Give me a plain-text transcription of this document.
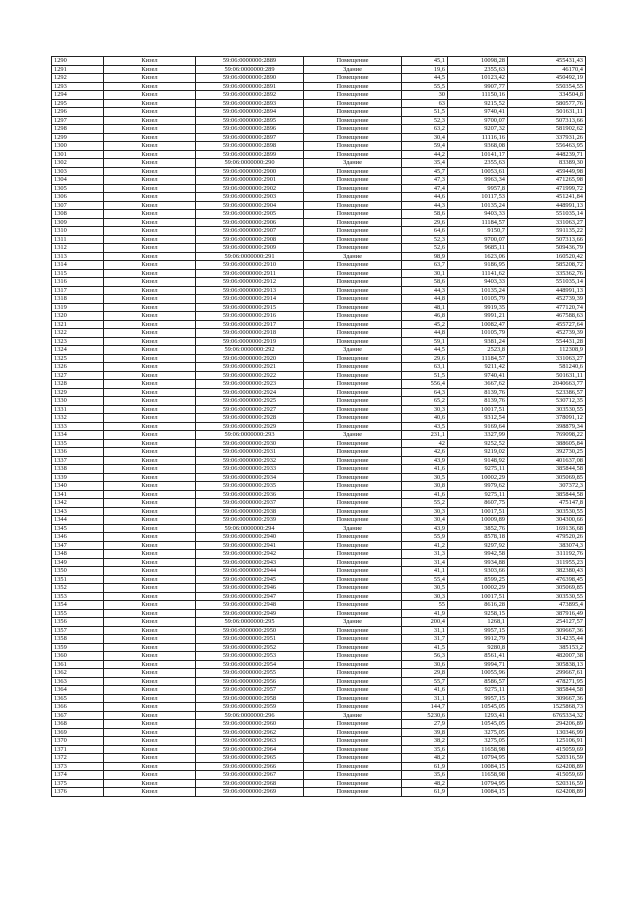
1290	Кизел	59:06:0000000:2889	Помещение	45,1	10098,28	455431,43
1291	Кизел	59:06:0000000:289	Здание	19,6	2355,63	46170,4
1292	Кизел	59:06:0000000:2890	Помещение	44,5	10123,42	450492,19
1293	Кизел	59:06:0000000:2891	Помещение	55,5	9907,77	550354,55
1294	Кизел	59:06:0000000:2892	Помещение	30	11150,16	334504,8
1295	Кизел	59:06:0000000:2893	Помещение	63	9215,52	580577,76
1296	Кизел	59:06:0000000:2894	Помещение	51,5	9740,41	501631,11
1297	Кизел	59:06:0000000:2895	Помещение	52,3	9700,07	507313,66
1298	Кизел	59:06:0000000:2896	Помещение	63,2	9207,32	581902,62
1299	Кизел	59:06:0000000:2897	Помещение	30,4	11116,16	337931,26
1300	Кизел	59:06:0000000:2898	Помещение	59,4	9368,08	556463,95
1301	Кизел	59:06:0000000:2899	Помещение	44,2	10141,17	448239,71
1302	Кизел	59:06:0000000:290	Здание	35,4	2355,63	83389,30
1303	Кизел	59:06:0000000:2900	Помещение	45,7	10053,61	459449,98
1304	Кизел	59:06:0000000:2901	Помещение	47,3	9963,34	471265,98
1305	Кизел	59:06:0000000:2902	Помещение	47,4	9957,8	471999,72
1306	Кизел	59:06:0000000:2903	Помещение	44,6	10117,53	451241,84
1307	Кизел	59:06:0000000:2904	Помещение	44,3	10135,24	448991,13
1308	Кизел	59:06:0000000:2905	Помещение	58,6	9403,33	551035,14
1309	Кизел	59:06:0000000:2906	Помещение	29,6	11184,57	331063,27
1310	Кизел	59:06:0000000:2907	Помещение	64,6	9150,7	591135,22
1311	Кизел	59:06:0000000:2908	Помещение	52,3	9700,07	507313,66
1312	Кизел	59:06:0000000:2909	Помещение	52,6	9685,11	509436,79
1313	Кизел	59:06:0000000:291	Здание	98,9	1623,06	160520,42
1314	Кизел	59:06:0000000:2910	Помещение	63,7	9186,95	585208,72
1315	Кизел	59:06:0000000:2911	Помещение	30,1	11141,62	335362,76
1316	Кизел	59:06:0000000:2912	Помещение	58,6	9403,33	551035,14
1317	Кизел	59:06:0000000:2913	Помещение	44,3	10135,24	448991,13
1318	Кизел	59:06:0000000:2914	Помещение	44,8	10105,79	452739,39
1319	Кизел	59:06:0000000:2915	Помещение	48,1	9919,35	477120,74
1320	Кизел	59:06:0000000:2916	Помещение	46,8	9991,21	467588,63
1321	Кизел	59:06:0000000:2917	Помещение	45,2	10082,47	455727,64
1322	Кизел	59:06:0000000:2918	Помещение	44,8	10105,79	452739,39
1323	Кизел	59:06:0000000:2919	Помещение	59,1	9381,24	554431,28
1324	Кизел	59:06:0000000:292	Здание	44,5	2523,8	112308,9
1325	Кизел	59:06:0000000:2920	Помещение	29,6	11184,57	331063,27
1326	Кизел	59:06:0000000:2921	Помещение	63,1	9211,42	581240,6
1327	Кизел	59:06:0000000:2922	Помещение	51,5	9740,41	501631,11
1328	Кизел	59:06:0000000:2923	Помещение	556,4	3667,62	2040663,77
1329	Кизел	59:06:0000000:2924	Помещение	64,3	8139,76	523386,57
1330	Кизел	59:06:0000000:2925	Помещение	65,2	8139,76	530712,35
1331	Кизел	59:06:0000000:2927	Помещение	30,3	10017,51	303530,55
1332	Кизел	59:06:0000000:2928	Помещение	40,6	9312,54	378091,12
1333	Кизел	59:06:0000000:2929	Помещение	43,5	9169,64	398879,34
1334	Кизел	59:06:0000000:293	Здание	231,1	3327,99	769098,22
1335	Кизел	59:06:0000000:2930	Помещение	42	9252,52	388605,84
1336	Кизел	59:06:0000000:2931	Помещение	42,6	9219,02	392730,25
1337	Кизел	59:06:0000000:2932	Помещение	43,9	9148,92	401637,08
1338	Кизел	59:06:0000000:2933	Помещение	41,6	9275,11	385844,58
1339	Кизел	59:06:0000000:2934	Помещение	30,5	10002,29	305069,85
1340	Кизел	59:06:0000000:2935	Помещение	30,8	9979,62	307372,3
1341	Кизел	59:06:0000000:2936	Помещение	41,6	9275,11	385844,58
1342	Кизел	59:06:0000000:2937	Помещение	55,2	8607,75	475147,8
1343	Кизел	59:06:0000000:2938	Помещение	30,3	10017,51	303530,55
1344	Кизел	59:06:0000000:2939	Помещение	30,4	10009,89	304300,66
1345	Кизел	59:06:0000000:294	Здание	43,9	3852,76	169136,68
1346	Кизел	59:06:0000000:2940	Помещение	55,9	8578,18	479520,26
1347	Кизел	59:06:0000000:2941	Помещение	41,2	9297,92	383074,3
1348	Кизел	59:06:0000000:2942	Помещение	31,3	9942,58	311192,76
1349	Кизел	59:06:0000000:2943	Помещение	31,4	9934,88	311955,23
1350	Кизел	59:06:0000000:2944	Помещение	41,1	9303,66	382380,43
1351	Кизел	59:06:0000000:2945	Помещение	55,4	8599,25	476398,45
1352	Кизел	59:06:0000000:2946	Помещение	30,5	10002,29	305069,85
1353	Кизел	59:06:0000000:2947	Помещение	30,3	10017,51	303530,55
1354	Кизел	59:06:0000000:2948	Помещение	55	8616,28	473895,4
1355	Кизел	59:06:0000000:2949	Помещение	41,9	9258,15	387916,49
1356	Кизел	59:06:0000000:295	Здание	200,4	1268,1	254127,57
1357	Кизел	59:06:0000000:2950	Помещение	31,1	9957,15	309667,36
1358	Кизел	59:06:0000000:2951	Помещение	31,7	9912,79	314235,44
1359	Кизел	59:06:0000000:2952	Помещение	41,5	9280,8	385153,2
1360	Кизел	59:06:0000000:2953	Помещение	56,3	8561,41	482007,38
1361	Кизел	59:06:0000000:2954	Помещение	30,6	9994,71	305838,13
1362	Кизел	59:06:0000000:2955	Помещение	29,8	10055,96	299667,61
1363	Кизел	59:06:0000000:2956	Помещение	55,7	8586,57	478271,95
1364	Кизел	59:06:0000000:2957	Помещение	41,6	9275,11	385844,58
1365	Кизел	59:06:0000000:2958	Помещение	31,1	9957,15	309667,36
1366	Кизел	59:06:0000000:2959	Помещение	144,7	10545,05	1525868,73
1367	Кизел	59:06:0000000:296	Здание	5230,6	1293,41	6765334,32
1368	Кизел	59:06:0000000:2960	Помещение	27,9	10545,05	294206,89
1369	Кизел	59:06:0000000:2962	Помещение	39,8	3275,05	130346,99
1370	Кизел	59:06:0000000:2963	Помещение	38,2	3275,05	125106,91
1371	Кизел	59:06:0000000:2964	Помещение	35,6	11658,98	415059,69
1372	Кизел	59:06:0000000:2965	Помещение	48,2	10794,95	520316,59
1373	Кизел	59:06:0000000:2966	Помещение	61,9	10084,15	624208,89
1374	Кизел	59:06:0000000:2967	Помещение	35,6	11658,98	415059,69
1375	Кизел	59:06:0000000:2968	Помещение	48,2	10794,95	520316,59
1376	Кизел	59:06:0000000:2969	Помещение	61,9	10084,15	624208,89
